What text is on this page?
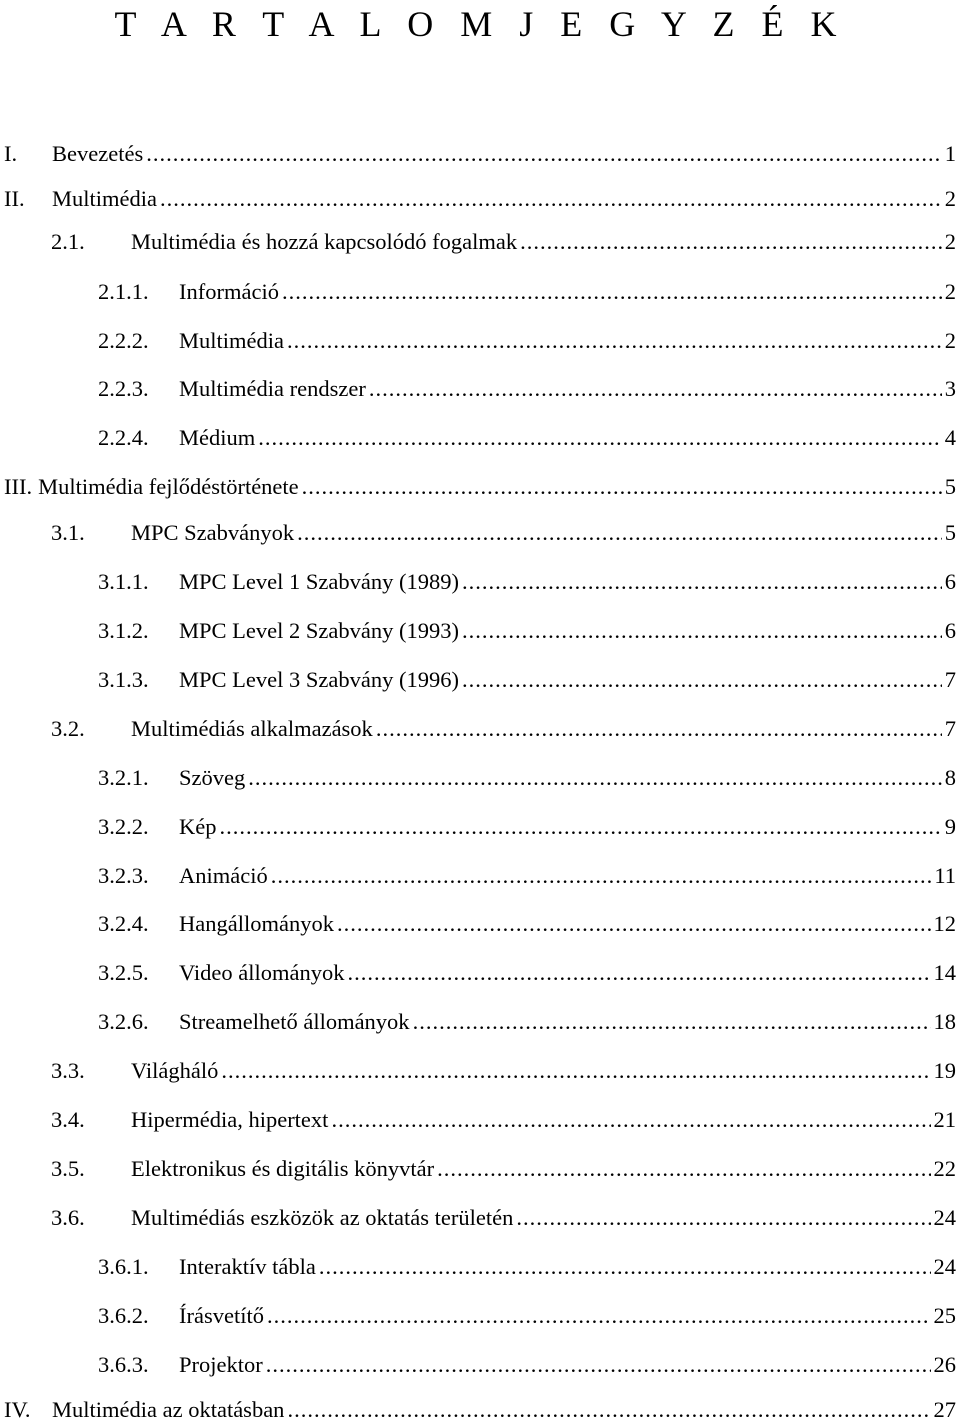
T A R T A L O M J E G Y Z É K
I.	Bevezetés .....	1
II.	Multimédia .....	2
2.1.	Multimédia és hozzá kapcsolódó fogalmak .....	2
2.1.1.	Információ .....	2
2.2.2.	Multimédia .....	2
2.2.3.	Multimédia rendszer .....	3
2.2.4.	Médium .....	4
III. Multimédia fejlődéstörténete .....	5
3.1.	MPC Szabványok .....	5
3.1.1.	MPC Level 1 Szabvány (1989) .....	6
3.1.2.	MPC Level 2 Szabvány (1993) .....	6
3.1.3.	MPC Level 3 Szabvány (1996) .....	7
3.2.	Multimédiás alkalmazások .....	7
3.2.1.	Szöveg .....	8
3.2.2.	Kép .....	9
3.2.3.	Animáció .....	11
3.2.4.	Hangállományok .....	12
3.2.5.	Video állományok .....	14
3.2.6.	Streamelhető állományok .....	18
3.3.	Világháló .....	19
3.4.	Hipermédia, hipertext .....	21
3.5.	Elektronikus és digitális könyvtár .....	22
3.6.	Multimédiás eszközök az oktatás területén .....	24
3.6.1.	Interaktív tábla .....	24
3.6.2.	Írásvetítő .....	25
3.6.3.	Projektor .....	26
IV. Multimédia az oktatásban .....	27
